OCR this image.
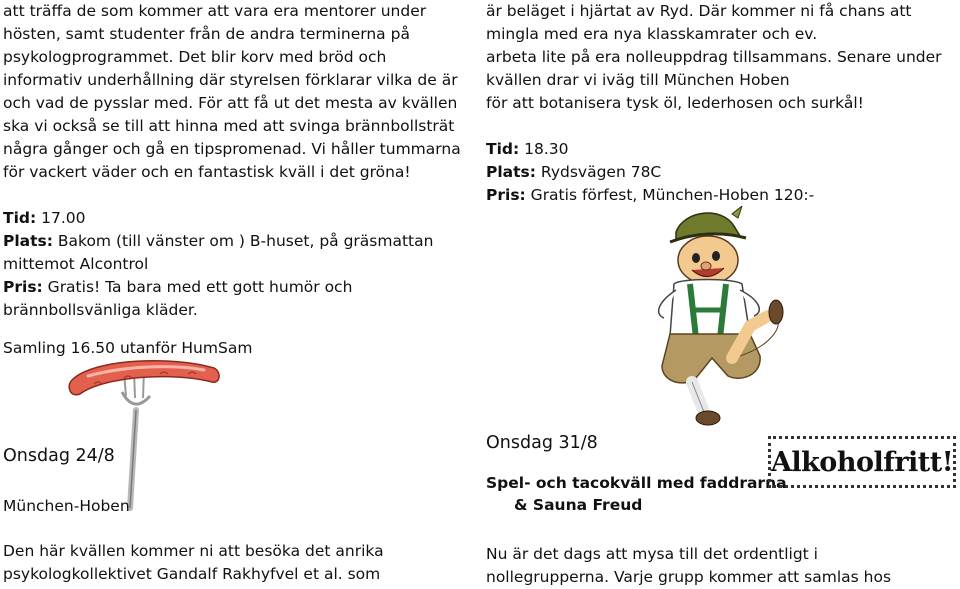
att träffa de som kommer att vara era mentorer under
hösten, samt studenter från de andra terminerna på
psykologprogrammet. Det blir korv med bröd och
informativ underhållning där styrelsen förklarar vilka de är
och vad de pysslar med. För att få ut det mesta av kvällen
ska vi också se till att hinna med att svinga brännbollsträt
några gånger och gå en tipspromenad. Vi håller tummarna
för vackert väder och en fantastisk kväll i det gröna!
Tid: 17.00
Plats: Bakom (till vänster om ) B-huset, på gräsmattan
mittemot Alcontrol
Pris: Gratis! Ta bara med ett gott humör och
brännbollsvänliga kläder.
Samling 16.50 utanför HumSam
är beläget i hjärtat av Ryd. Där kommer ni få chans att
mingla med era nya klasskamrater och ev.
arbeta lite på era nolleuppdrag tillsammans. Senare under
kvällen drar vi iväg till München Hoben
för att botanisera tysk öl, lederhosen och surkål!
Tid: 18.30
Plats: Rydsvägen 78C
Pris: Gratis förfest, München-Hoben 120:-
Onsdag 24/8
München-Hoben
Den här kvällen kommer ni att besöka det anrika
psykologkollektivet Gandalf Rakhyfvel et al. som
Onsdag 31/8
Spel- och tacokväll med faddrarna
& Sauna Freud
Nu är det dags att mysa till det ordentligt i
nollegrupperna. Varje grupp kommer att samlas hos
Alkoholfritt!
